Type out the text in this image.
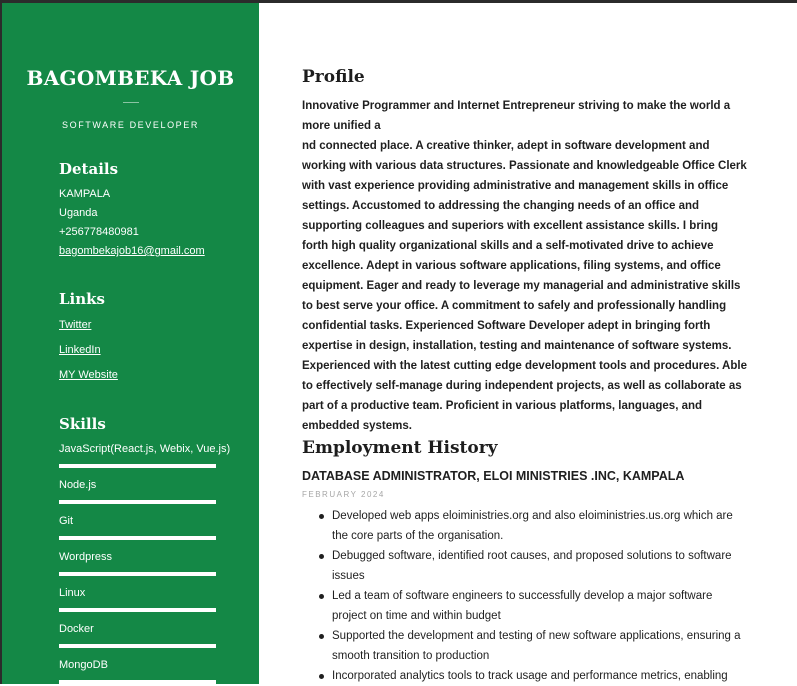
BAGOMBEKA JOB
SOFTWARE DEVELOPER
Details
KAMPALA
Uganda
+256778480981
bagombekajob16@gmail.com
Links
Twitter
LinkedIn
MY Website
Skills
JavaScript(React.js, Webix, Vue.js)
Node.js
Git
Wordpress
Linux
Docker
MongoDB
Profile
Innovative Programmer and Internet Entrepreneur striving to make the world a more unified a
nd connected place. A creative thinker, adept in software development and working with various data structures. Passionate and knowledgeable Office Clerk with vast experience providing administrative and management skills in office settings. Accustomed to addressing the changing needs of an office and supporting colleagues and superiors with excellent assistance skills. I bring forth high quality organizational skills and a self-motivated drive to achieve excellence. Adept in various software applications, filing systems, and office equipment. Eager and ready to leverage my managerial and administrative skills to best serve your office. A commitment to safely and professionally handling confidential tasks. Experienced Software Developer adept in bringing forth expertise in design, installation, testing and maintenance of software systems. Experienced with the latest cutting edge development tools and procedures. Able to effectively self-manage during independent projects, as well as collaborate as part of a productive team. Proficient in various platforms, languages, and embedded systems.
Employment History
DATABASE ADMINISTRATOR, ELOI MINISTRIES .INC, KAMPALA
FEBRUARY 2024
Developed web apps eloiministries.org and also eloiministries.us.org which are the core parts of the organisation.
Debugged software, identified root causes, and proposed solutions to software issues
Led a team of software engineers to successfully develop a major software project on time and within budget
Supported the development and testing of new software applications, ensuring a smooth transition to production
Incorporated analytics tools to track usage and performance metrics, enabling
